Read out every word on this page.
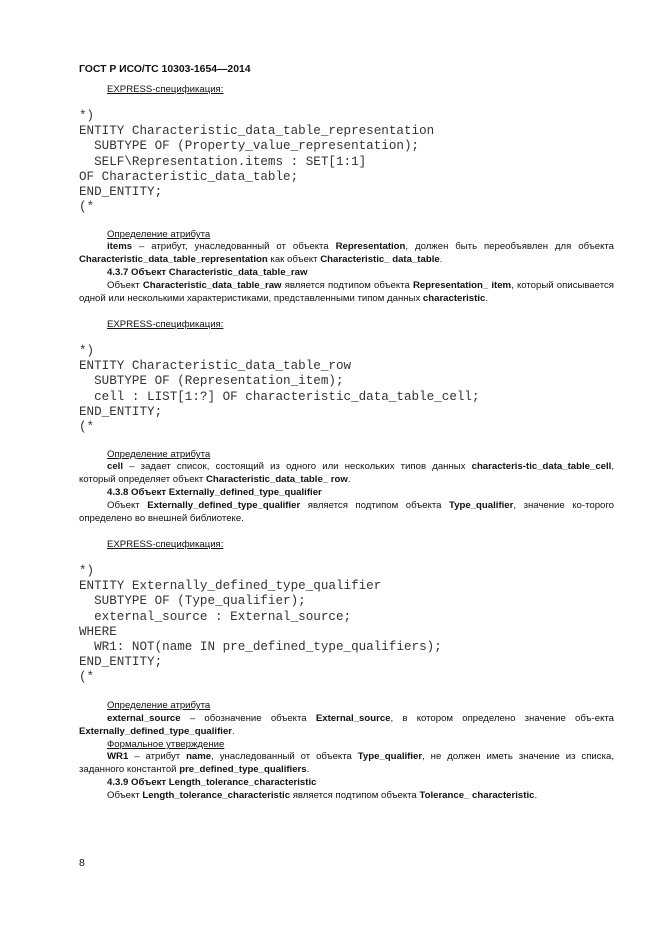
ГОСТ Р ИСО/ТС 10303-1654—2014
EXPRESS-спецификация:
*)
ENTITY Characteristic_data_table_representation
SUBTYPE OF (Property_value_representation);
SELF\Representation.items : SET[1:1]
OF Characteristic_data_table;
END_ENTITY;
(*
Определение атрибута
items – атрибут, унаследованный от объекта Representation, должен быть переобъявлен для объекта Characteristic_data_table_representation как объект Characteristic_ data_table.
4.3.7 Объект Characteristic_data_table_raw
Объект Characteristic_data_table_raw является подтипом объекта Representation_ item, который описывается одной или несколькими характеристиками, представленными типом данных characteristic.
EXPRESS-спецификация:
*)
ENTITY Characteristic_data_table_row
SUBTYPE OF (Representation_item);
cell : LIST[1:?] OF characteristic_data_table_cell;
END_ENTITY;
(*
Определение атрибута
cell – задает список, состоящий из одного или нескольких типов данных characteris-tic_data_table_cell, который определяет объект Characteristic_data_table_ row.
4.3.8 Объект Externally_defined_type_qualifier
Объект Externally_defined_type_qualifier является подтипом объекта Type_qualifier, значение ко-торого определено во внешней библиотеке.
EXPRESS-спецификация:
*)
ENTITY Externally_defined_type_qualifier
SUBTYPE OF (Type_qualifier);
external_source : External_source;
WHERE
WR1: NOT(name IN pre_defined_type_qualifiers);
END_ENTITY;
(*
Определение атрибута
external_source – обозначение объекта External_source, в котором определено значение объ-екта Externally_defined_type_qualifier.
Формальное утверждение
WR1 – атрибут name, унаследованный от объекта Type_qualifier, не должен иметь значение из списка, заданного константой pre_defined_type_qualifiers.
4.3.9 Объект Length_tolerance_characteristic
Объект Length_tolerance_characteristic является подтипом объекта Tolerance_ characteristic.
8
